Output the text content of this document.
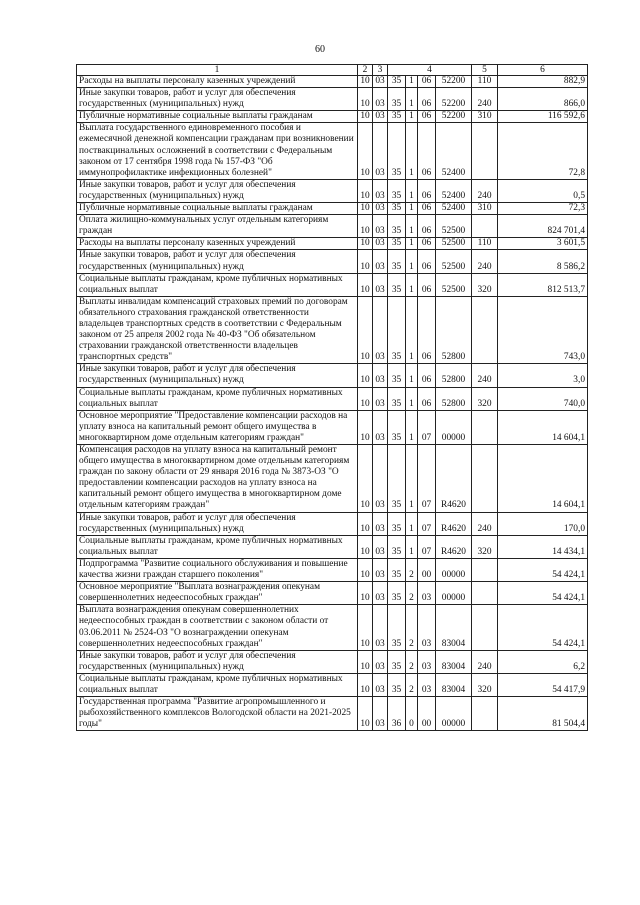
60
1	2	3	4				5	6
Расходы на выплаты персоналу казенных учреждений	10	03	35	1	06	52200	110	882,9
Иные закупки товаров, работ и услуг для обеспечения государственных (муниципальных) нужд	10	03	35	1	06	52200	240	866,0
Публичные нормативные социальные выплаты гражданам	10	03	35	1	06	52200	310	116 592,6
Выплата государственного единовременного пособия и ежемесячной денежной компенсации гражданам при возникновении поствакцинальных осложнений в соответствии с Федеральным законом от 17 сентября 1998 года № 157-ФЗ "Об иммунопрофилактике инфекционных болезней"	10	03	35	1	06	52400		72,8
Иные закупки товаров, работ и услуг для обеспечения государственных (муниципальных) нужд	10	03	35	1	06	52400	240	0,5
Публичные нормативные социальные выплаты гражданам	10	03	35	1	06	52400	310	72,3
Оплата жилищно-коммунальных услуг отдельным категориям граждан	10	03	35	1	06	52500		824 701,4
Расходы на выплаты персоналу казенных учреждений	10	03	35	1	06	52500	110	3 601,5
Иные закупки товаров, работ и услуг для обеспечения государственных (муниципальных) нужд	10	03	35	1	06	52500	240	8 586,2
Социальные выплаты гражданам, кроме публичных нормативных социальных выплат	10	03	35	1	06	52500	320	812 513,7
Выплаты инвалидам компенсаций страховых премий по договорам обязательного страхования гражданской ответственности владельцев транспортных средств в соответствии с Федеральным законом от 25 апреля 2002 года № 40-ФЗ "Об обязательном страховании гражданской ответственности владельцев транспортных средств"	10	03	35	1	06	52800		743,0
Иные закупки товаров, работ и услуг для обеспечения государственных (муниципальных) нужд	10	03	35	1	06	52800	240	3,0
Социальные выплаты гражданам, кроме публичных нормативных социальных выплат	10	03	35	1	06	52800	320	740,0
Основное мероприятие "Предоставление компенсации расходов на уплату взноса на капитальный ремонт общего имущества в многоквартирном доме отдельным категориям граждан"	10	03	35	1	07	00000		14 604,1
Компенсация расходов на уплату взноса на капитальный ремонт общего имущества в многоквартирном доме отдельным категориям граждан по закону области от 29 января 2016 года № 3873-ОЗ "О предоставлении компенсации расходов на уплату взноса на капитальный ремонт общего имущества в многоквартирном доме отдельным категориям граждан"	10	03	35	1	07	R4620		14 604,1
Иные закупки товаров, работ и услуг для обеспечения государственных (муниципальных) нужд	10	03	35	1	07	R4620	240	170,0
Социальные выплаты гражданам, кроме публичных нормативных социальных выплат	10	03	35	1	07	R4620	320	14 434,1
Подпрограмма "Развитие социального обслуживания и повышение качества жизни граждан старшего поколения"	10	03	35	2	00	00000		54 424,1
Основное мероприятие "Выплата вознаграждения опекунам совершеннолетних недееспособных граждан"	10	03	35	2	03	00000		54 424,1
Выплата вознаграждения опекунам совершеннолетних недееспособных граждан в соответствии с законом области от 03.06.2011 № 2524-ОЗ "О вознаграждении опекунам совершеннолетних недееспособных граждан"	10	03	35	2	03	83004		54 424,1
Иные закупки товаров, работ и услуг для обеспечения государственных (муниципальных) нужд	10	03	35	2	03	83004	240	6,2
Социальные выплаты гражданам, кроме публичных нормативных социальных выплат	10	03	35	2	03	83004	320	54 417,9
Государственная программа "Развитие агропромышленного и рыбохозяйственного комплексов Вологодской области на 2021-2025 годы"	10	03	36	0	00	00000		81 504,4
